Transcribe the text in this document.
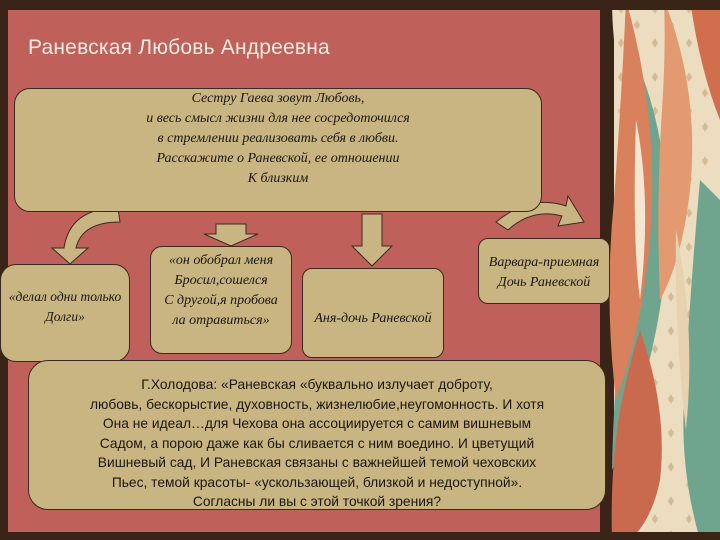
Раневская Любовь Андреевна
Сестру Гаева зовут Любовь,
и весь смысл жизни для нее сосредоточился
в стремлении реализовать себя в любви.
Расскажите о Раневской, ее отношении
К близким
«делал одни только
Долги»
«он обобрал меня
Бросил,сошелся
С другой,я пробова
ла отравиться»	Аня-дочь Раневской
Варвара-приемная
Дочь Раневской
Г.Холодова: «Раневская «буквально излучает доброту,
любовь, бескорыстие, духовность, жизнелюбие,неугомонность. И хотя
Она не идеал…для Чехова она ассоциируется с самим вишневым
Садом, а порою даже как бы сливается с ним воедино. И цветущий
Вишневый сад, И Раневская связаны с важнейшей темой чеховских
Пьес, темой красоты- «ускользающей, близкой и недоступной».
Согласны ли вы с этой точкой зрения?
